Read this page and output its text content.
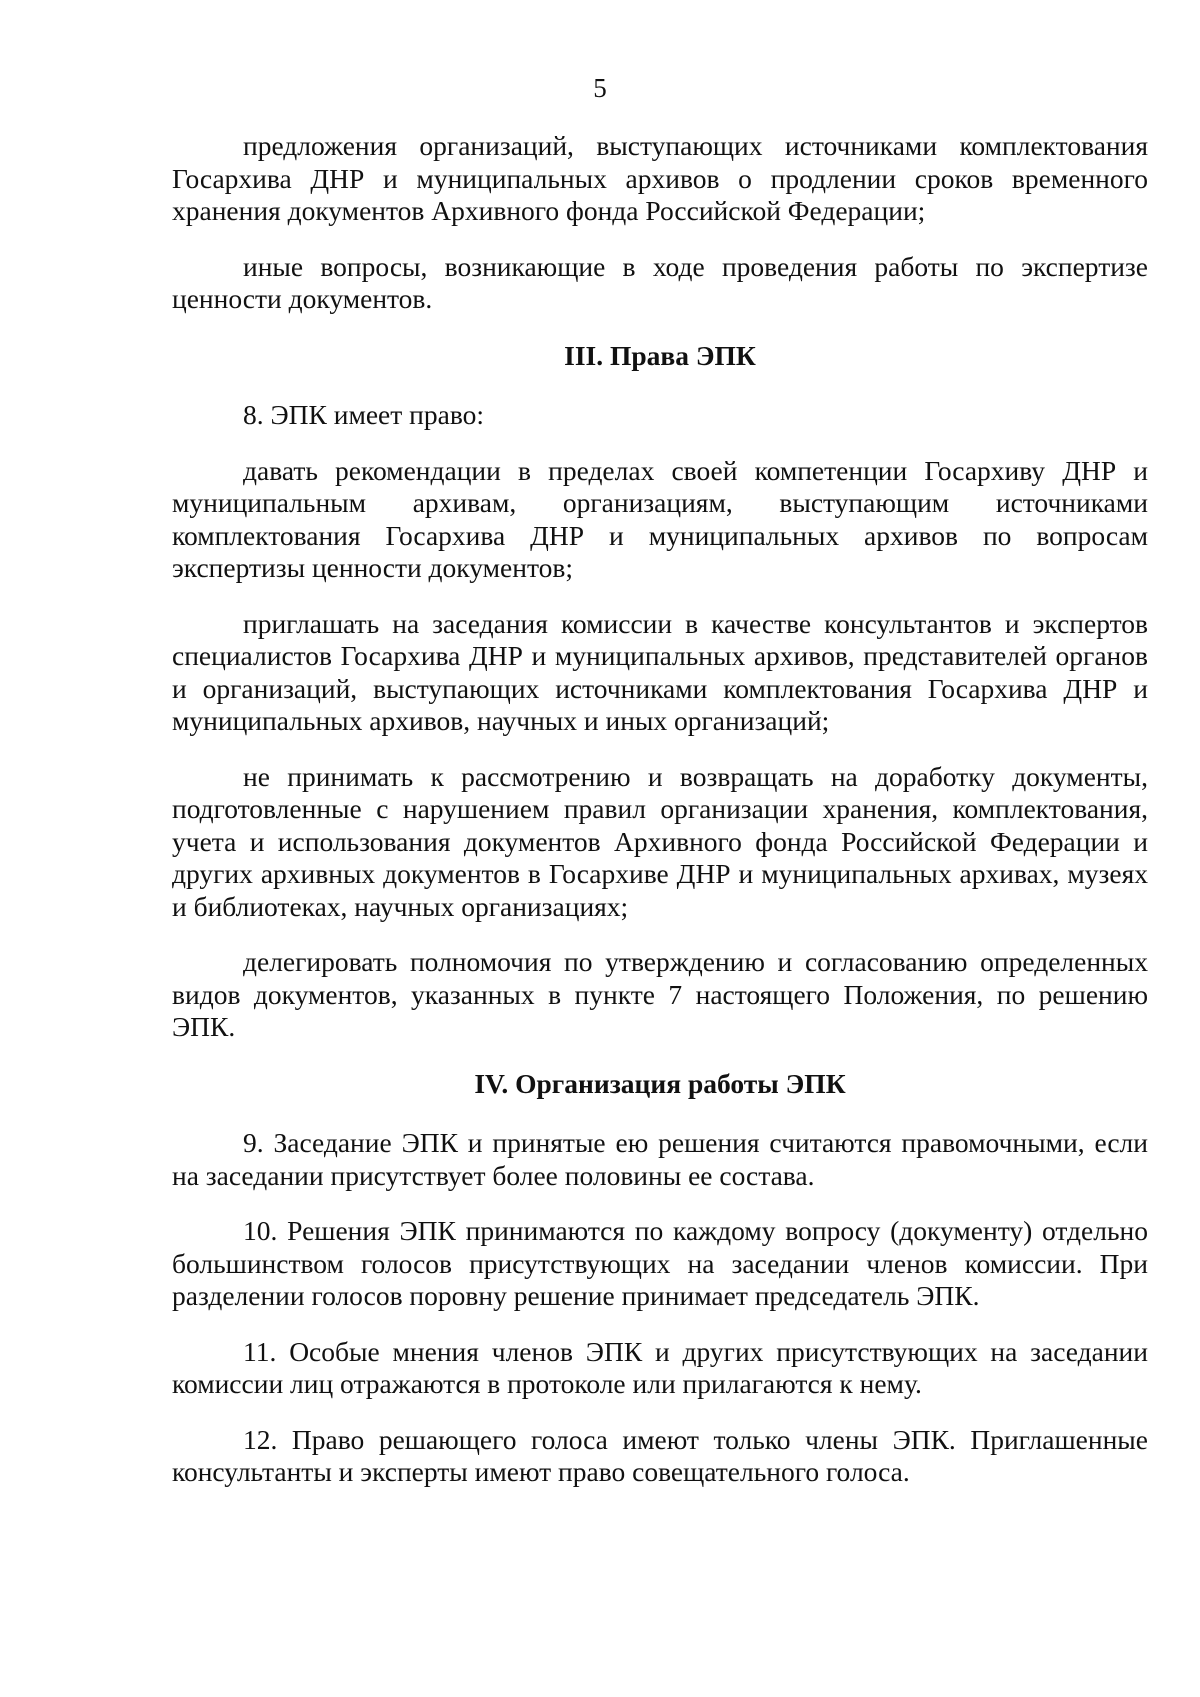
5

предложения организаций, выступающих источниками комплектования Госархива ДНР и муниципальных архивов о продлении сроков временного хранения документов Архивного фонда Российской Федерации;

иные вопросы, возникающие в ходе проведения работы по экспертизе ценности документов.

III. Права ЭПК

8. ЭПК имеет право:

давать рекомендации в пределах своей компетенции Госархиву ДНР и муниципальным архивам, организациям, выступающим источниками комплектования Госархива ДНР и муниципальных архивов по вопросам экспертизы ценности документов;

приглашать на заседания комиссии в качестве консультантов и экспертов специалистов Госархива ДНР и муниципальных архивов, представителей органов и организаций, выступающих источниками комплектования Госархива ДНР и муниципальных архивов, научных и иных организаций;

не принимать к рассмотрению и возвращать на доработку документы, подготовленные с нарушением правил организации хранения, комплектования, учета и использования документов Архивного фонда Российской Федерации и других архивных документов в Госархиве ДНР и муниципальных архивах, музеях и библиотеках, научных организациях;

делегировать полномочия по утверждению и согласованию определенных видов документов, указанных в пункте 7 настоящего Положения, по решению ЭПК.

IV. Организация работы ЭПК

9. Заседание ЭПК и принятые ею решения считаются правомочными, если на заседании присутствует более половины ее состава.

10. Решения ЭПК принимаются по каждому вопросу (документу) отдельно большинством голосов присутствующих на заседании членов комиссии. При разделении голосов поровну решение принимает председатель ЭПК.

11. Особые мнения членов ЭПК и других присутствующих на заседании комиссии лиц отражаются в протоколе или прилагаются к нему.

12. Право решающего голоса имеют только члены ЭПК. Приглашенные консультанты и эксперты имеют право совещательного голоса.
